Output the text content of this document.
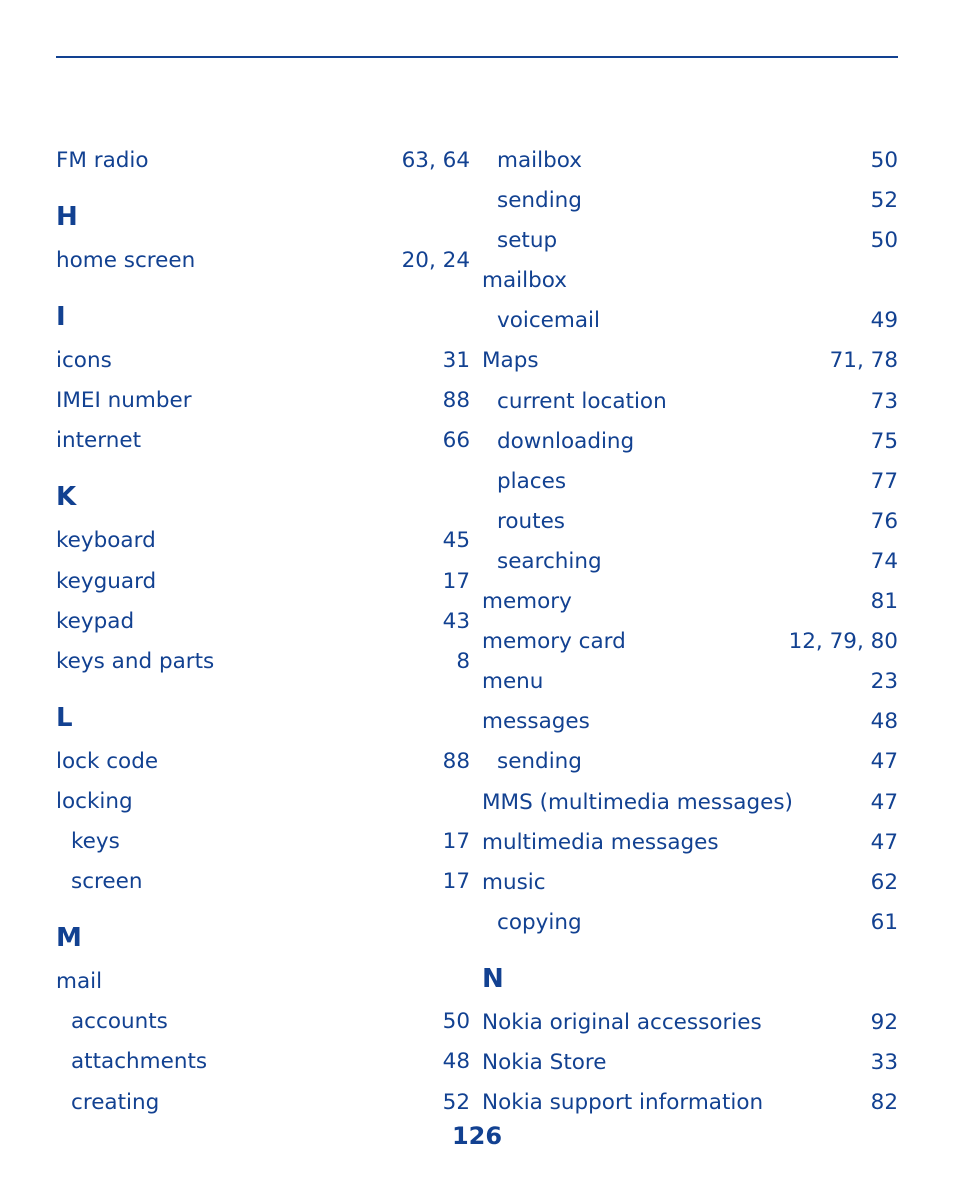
FM radio	63, 64
H
home screen	20, 24
I
icons	31
IMEI number	88
internet	66
K
keyboard	45
keyguard	17
keypad	43
keys and parts	8
L
lock code	88
locking
keys	17
screen	17
M
mail
accounts	50
attachments	48
creating	52
mailbox	50
sending	52
setup	50
mailbox
voicemail	49
Maps	71, 78
current location	73
downloading	75
places	77
routes	76
searching	74
memory	81
memory card	12, 79, 80
menu	23
messages	48
sending	47
MMS (multimedia messages)	47
multimedia messages	47
music	62
copying	61
N
Nokia original accessories	92
Nokia Store	33
Nokia support information	82
126
